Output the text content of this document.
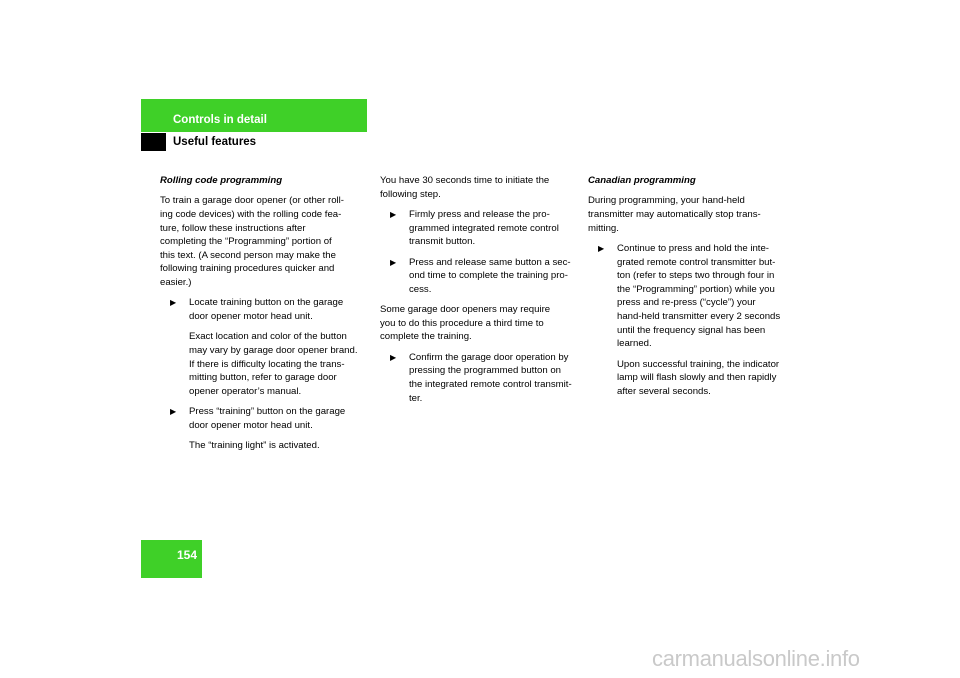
Controls in detail
Useful features
Rolling code programming

To train a garage door opener (or other roll-
ing code devices) with the rolling code fea-
ture, follow these instructions after
completing the “Programming” portion of
this text. (A second person may make the
following training procedures quicker and
easier.)

▶ Locate training button on the garage
door opener motor head unit.
Exact location and color of the button
may vary by garage door opener brand.
If there is difficulty locating the trans-
mitting button, refer to garage door
opener operator’s manual.
▶ Press “training” button on the garage
door opener motor head unit.
The “training light” is activated.

You have 30 seconds time to initiate the
following step.

▶ Firmly press and release the pro-
grammed integrated remote control
transmit button.
▶ Press and release same button a sec-
ond time to complete the training pro-
cess.

Some garage door openers may require
you to do this procedure a third time to
complete the training.

▶ Confirm the garage door operation by
pressing the programmed button on
the integrated remote control transmit-
ter.
Canadian programming

During programming, your hand-held
transmitter may automatically stop trans-
mitting.

▶ Continue to press and hold the inte-
grated remote control transmitter but-
ton (refer to steps two through four in
the “Programming” portion) while you
press and re-press (“cycle”) your
hand-held transmitter every 2 seconds
until the frequency signal has been
learned.
Upon successful training, the indicator
lamp will flash slowly and then rapidly
after several seconds.
154
carmanualsonline.info
